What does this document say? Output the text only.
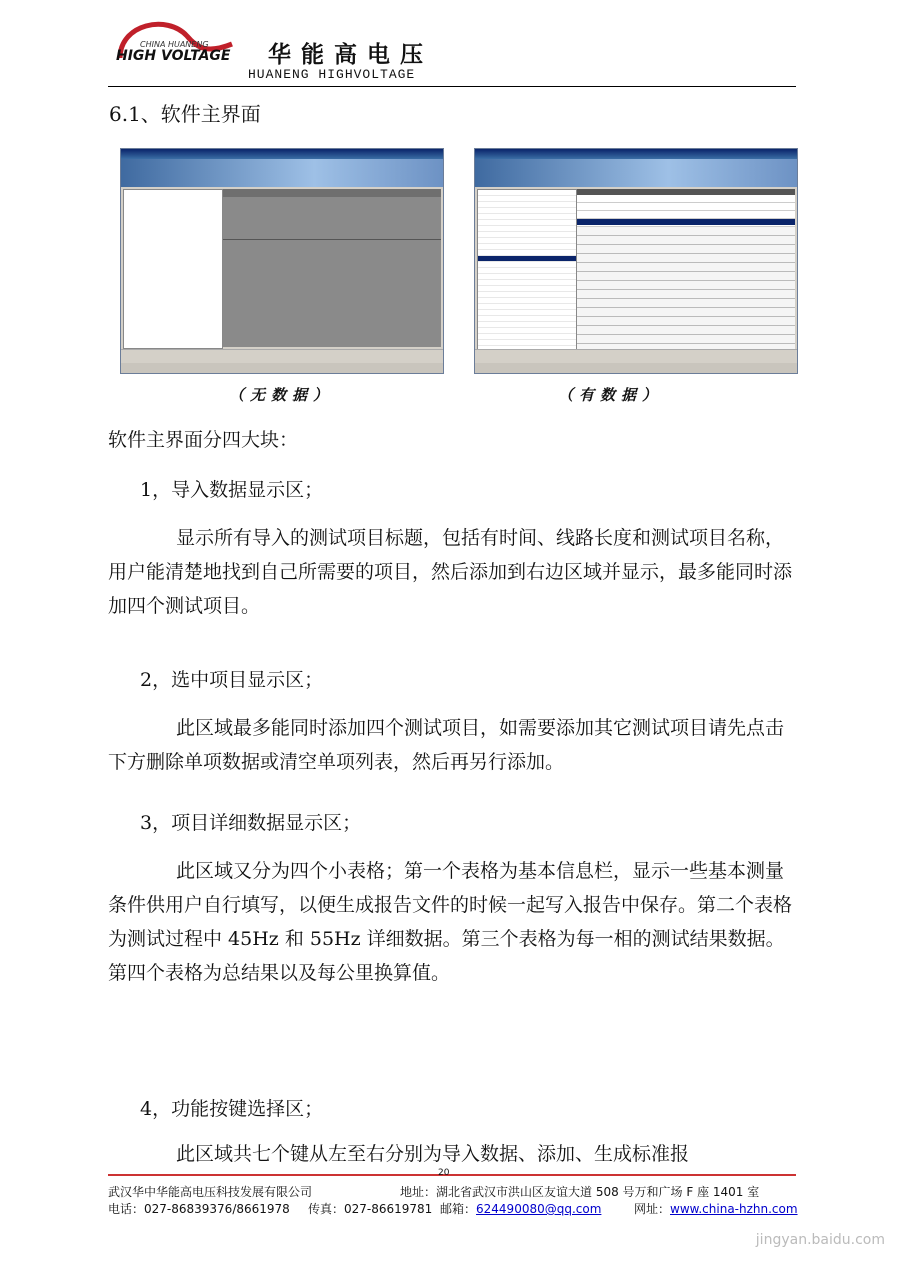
CHINA HUANENG
HIGH VOLTAGE 华能高电压
HUANENG HIGHVOLTAGE
6.1、软件主界面
（无数据）	（有数据）

软件主界面分四大块：

1，导入数据显示区；

显示所有导入的测试项目标题，包括有时间、线路长度和测试项目名称，用户能清楚地找到自己所需要的项目，然后添加到右边区域并显示，最多能同时添加四个测试项目。

2，选中项目显示区；

此区域最多能同时添加四个测试项目，如需要添加其它测试项目请先点击下方删除单项数据或清空单项列表，然后再另行添加。

3，项目详细数据显示区；

此区域又分为四个小表格；第一个表格为基本信息栏，显示一些基本测量条件供用户自行填写，以便生成报告文件的时候一起写入报告中保存。第二个表格为测试过程中 45Hz 和 55Hz 详细数据。第三个表格为每一相的测试结果数据。第四个表格为总结果以及每公里换算值。

4，功能按键选择区；

此区域共七个键从左至右分别为导入数据、添加、生成标准报

20
武汉华中华能高电压科技发展有限公司	地址：湖北省武汉市洪山区友谊大道 508 号万和广场 F 座 1401 室
电话：027-86839376/8661978 传真：027-86619781 邮箱：624490080@qq.com	网址：www.china-hzhn.com
jingyan.baidu.com
